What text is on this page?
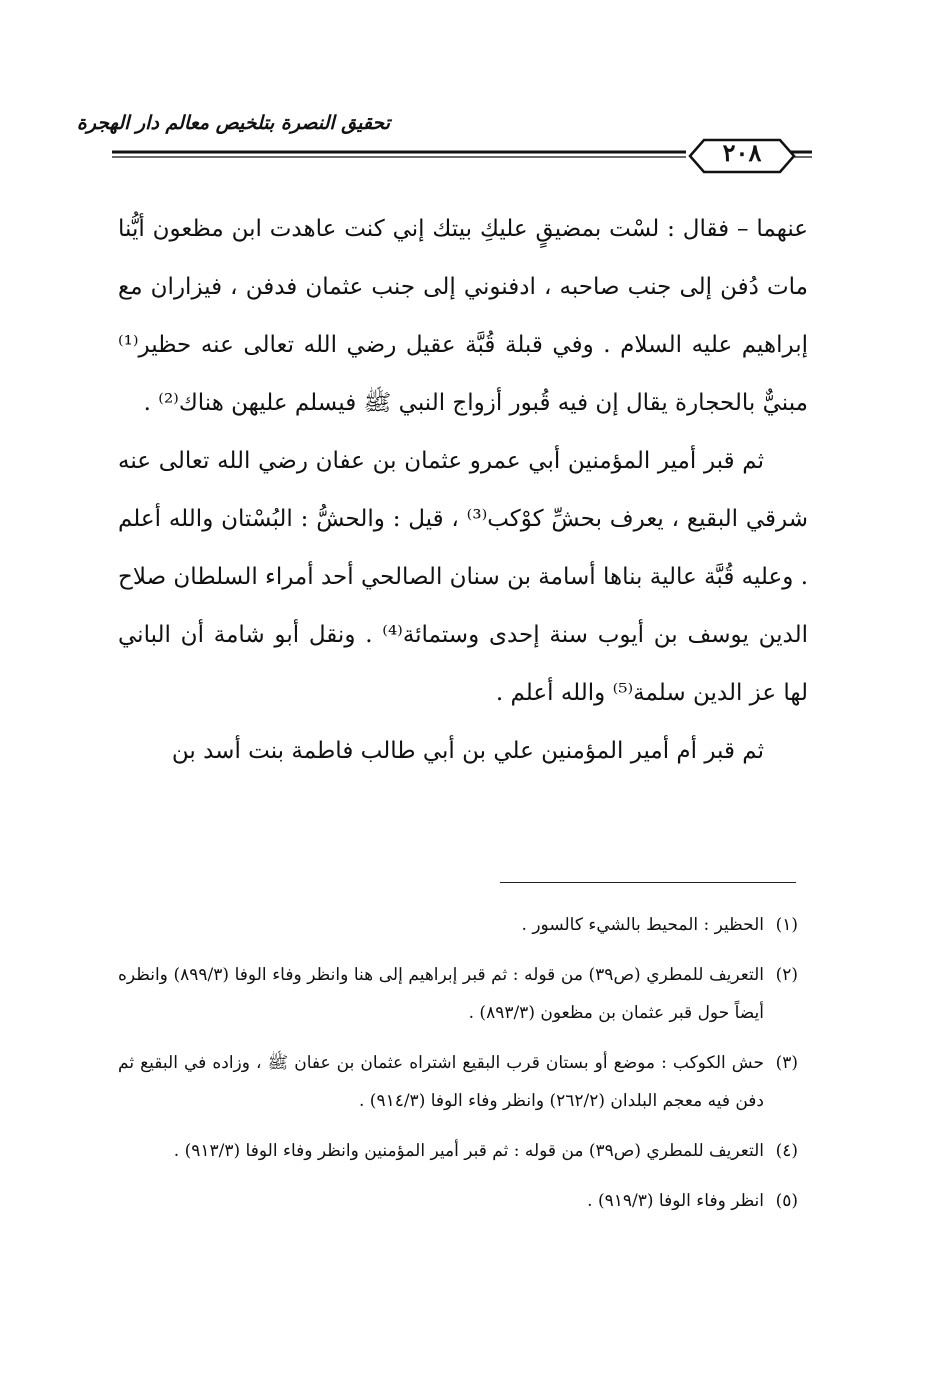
تحقيق النصرة بتلخيص معالم دار الهجرة
٢٠٨

عنهما – فقال : لسْت بمضيقٍ عليكِ بيتك إني كنت عاهدت ابن مظعون أيُّنا مات دُفن إلى جنب صاحبه ، ادفنوني إلى جنب عثمان فدفن ، فيزاران مع إبراهيم عليه السلام . وفي قبلة قُبَّة عقيل رضي الله تعالى عنه حظير⁽¹⁾ مبنيٌّ بالحجارة يقال إن فيه قُبور أزواج النبي ﷺ فيسلم عليهن هناك⁽²⁾ .

ثم قبر أمير المؤمنين أبي عمرو عثمان بن عفان رضي الله تعالى عنه شرقي البقيع ، يعرف بحشِّ كوْكب⁽³⁾ ، قيل : والحشُّ : البُسْتان والله أعلم . وعليه قُبَّة عالية بناها أسامة بن سنان الصالحي أحد أمراء السلطان صلاح الدين يوسف بن أيوب سنة إحدى وستمائة⁽⁴⁾ . ونقل أبو شامة أن الباني لها عز الدين سلمة⁽⁵⁾ والله أعلم .

ثم قبر أم أمير المؤمنين علي بن أبي طالب فاطمة بنت أسد بن

(١)
الحظير : المحيط بالشيء كالسور .
(٢)
التعريف للمطري (ص٣٩) من قوله : ثم قبر إبراهيم إلى هنا وانظر وفاء الوفا (٨٩٩/٣) وانظره أيضاً حول قبر عثمان بن مظعون (٨٩٣/٣) .
(٣)
حش الكوكب : موضع أو بستان قرب البقيع اشتراه عثمان بن عفان ﷺ ، وزاده في البقيع ثم دفن فيه معجم البلدان (٢٦٢/٢) وانظر وفاء الوفا (٩١٤/٣) .
(٤)
التعريف للمطري (ص٣٩) من قوله : ثم قبر أمير المؤمنين وانظر وفاء الوفا (٩١٣/٣) .
(٥)
انظر وفاء الوفا (٩١٩/٣) .
